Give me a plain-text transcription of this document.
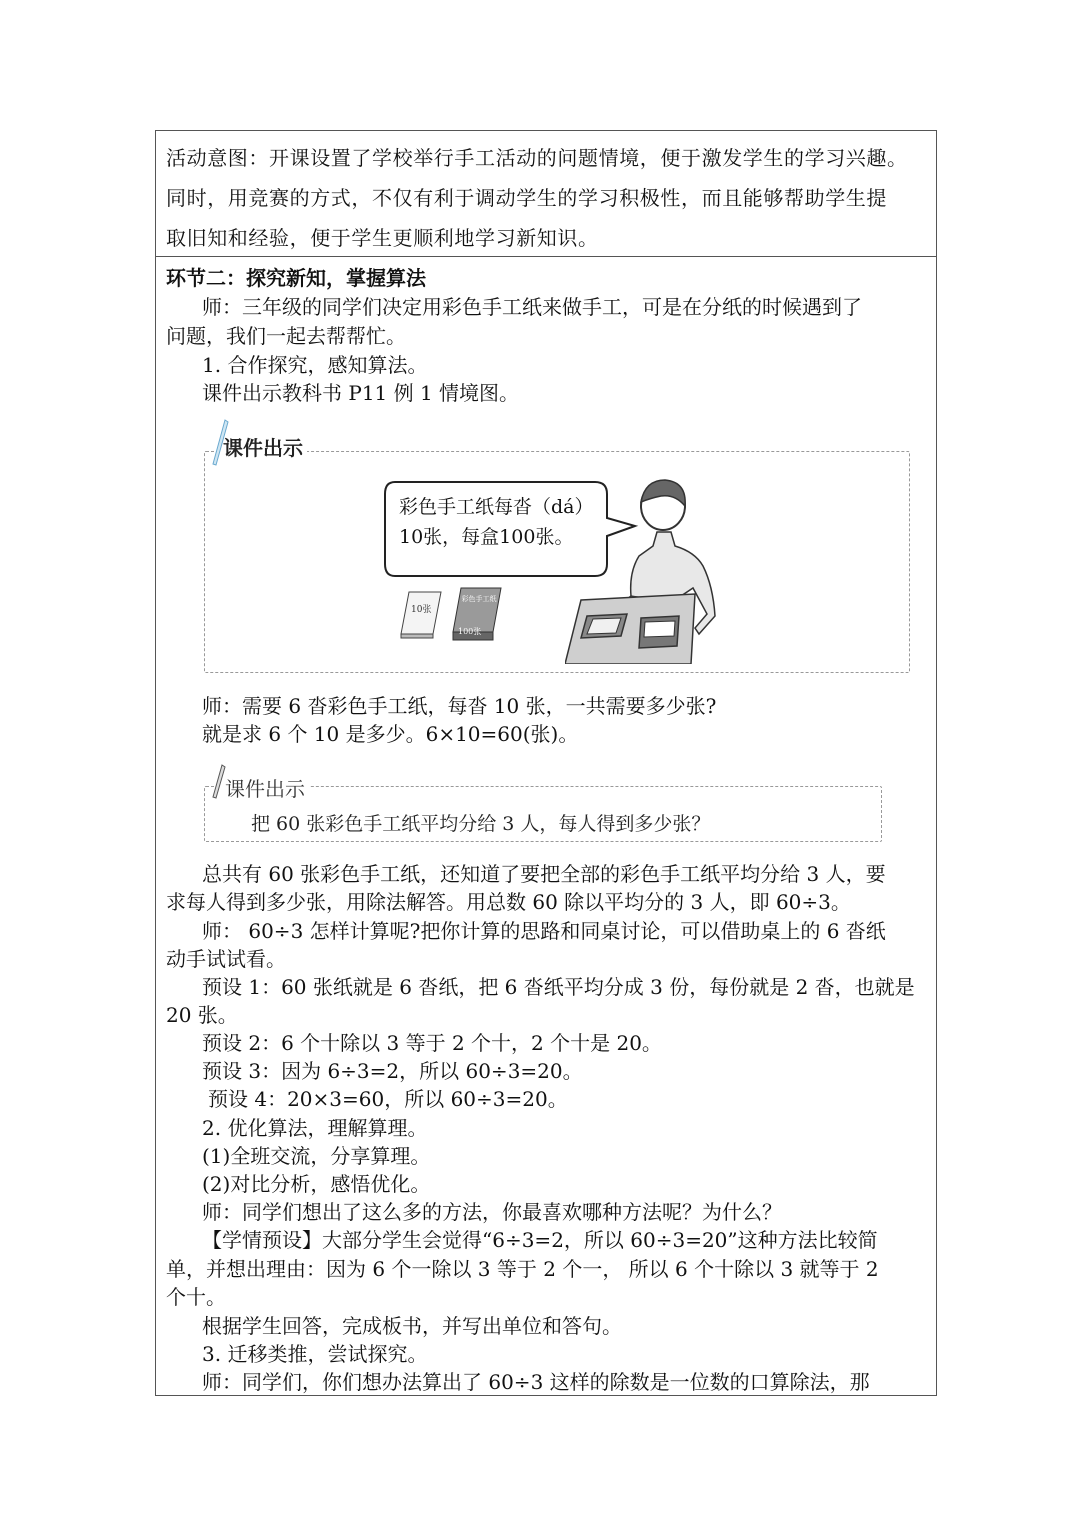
活动意图：开课设置了学校举行手工活动的问题情境，便于激发学生的学习兴趣。
同时，用竞赛的方式，不仅有利于调动学生的学习积极性，而且能够帮助学生提
取旧知和经验，便于学生更顺利地学习新知识。
环节二：探究新知，掌握算法
师：三年级的同学们决定用彩色手工纸来做手工，可是在分纸的时候遇到了
问题，我们一起去帮帮忙。
1. 合作探究，感知算法。
课件出示教科书 P11 例 1 情境图。
课件出示
彩色手工纸每沓（dá）
10张，每盒100张。
10张
彩色手工纸
100张
师：需要 6 沓彩色手工纸，每沓 10 张，一共需要多少张?
就是求 6 个 10 是多少。6×10=60(张)。
课件出示
把 60 张彩色手工纸平均分给 3 人，每人得到多少张？
总共有 60 张彩色手工纸，还知道了要把全部的彩色手工纸平均分给 3 人，要
求每人得到多少张，用除法解答。用总数 60 除以平均分的 3 人，即 60÷3。
师： 60÷3 怎样计算呢?把你计算的思路和同桌讨论，可以借助桌上的 6 沓纸
动手试试看。
预设 1：60 张纸就是 6 沓纸，把 6 沓纸平均分成 3 份，每份就是 2 沓，也就是
20 张。
预设 2：6 个十除以 3 等于 2 个十，2 个十是 20。
预设 3：因为 6÷3=2，所以 60÷3=20。
预设 4：20×3=60，所以 60÷3=20。
2. 优化算法，理解算理。
(1)全班交流，分享算理。
(2)对比分析，感悟优化。
师：同学们想出了这么多的方法，你最喜欢哪种方法呢？为什么？
【学情预设】大部分学生会觉得“6÷3=2，所以 60÷3=20”这种方法比较简
单，并想出理由：因为 6 个一除以 3 等于 2 个一， 所以 6 个十除以 3 就等于 2
个十。
根据学生回答，完成板书，并写出单位和答句。
3. 迁移类推，尝试探究。
师：同学们，你们想办法算出了 60÷3 这样的除数是一位数的口算除法，那
